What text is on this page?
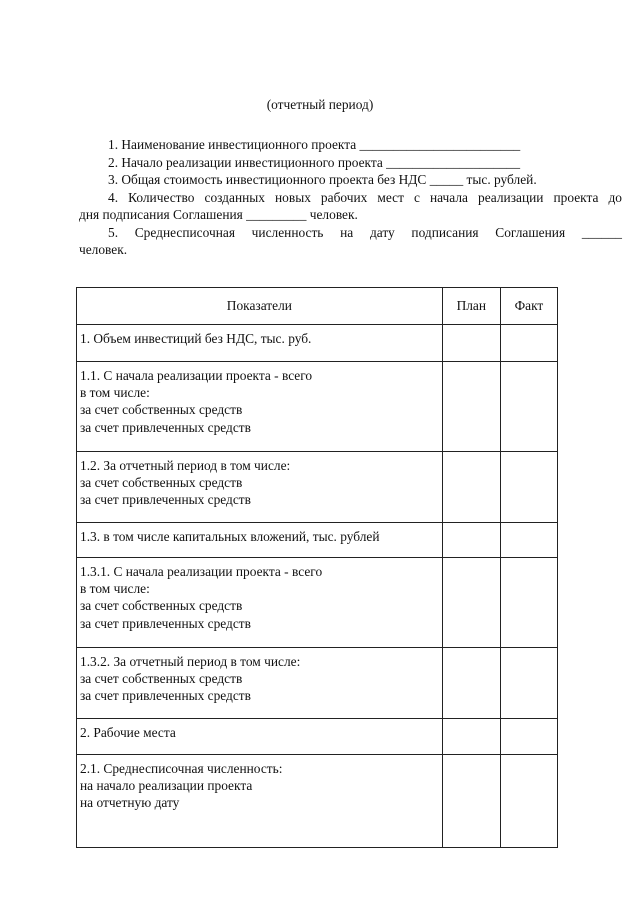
(отчетный период)

1. Наименование инвестиционного проекта ________________________

2. Начало реализации инвестиционного проекта ____________________

3. Общая стоимость инвестиционного проекта без НДС _____ тыс. рублей.

4. Количество созданных новых рабочих мест с начала реализации проекта до

дня подписания Соглашения _________ человек.

5. Среднесписочная численность на дату подписания Соглашения ______

человек.

Показатели	План	Факт

1. Объем инвестиций без НДС, тыс. руб.		

1.1. С начала реализации проекта - всего
в том числе:
за счет собственных средств
за счет привлеченных средств		

1.2. За отчетный период в том числе:
за счет собственных средств
за счет привлеченных средств		

1.3. в том числе капитальных вложений, тыс. рублей		

1.3.1. С начала реализации проекта - всего
в том числе:
за счет собственных средств
за счет привлеченных средств		

1.3.2. За отчетный период в том числе:
за счет собственных средств
за счет привлеченных средств		

2. Рабочие места		

2.1. Среднесписочная численность:
на начало реализации проекта
на отчетную дату		
